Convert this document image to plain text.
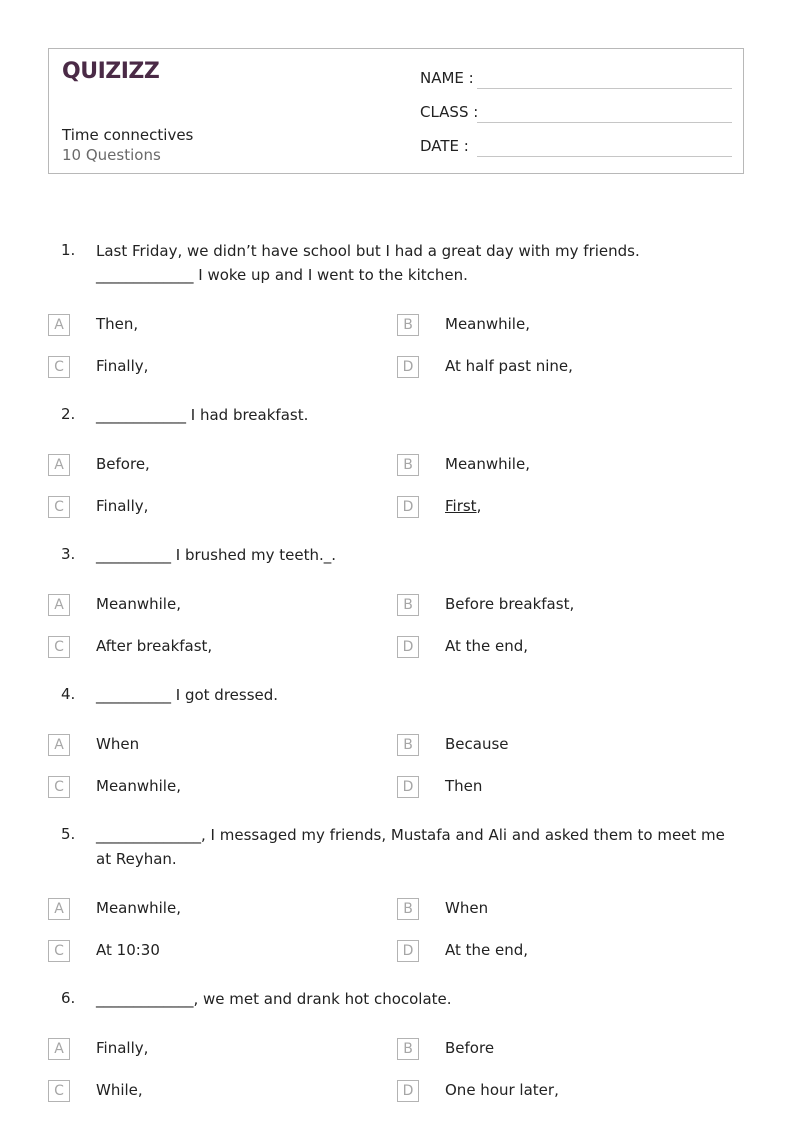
QUIZIZZ
Time connectives
10 Questions
NAME :
CLASS :
DATE :
1. Last Friday, we didn’t have school but I had a great day with my friends. _____________ I woke up and I went to the kitchen.
A	Then,	B	Meanwhile,
C	Finally,	D	At half past nine,
2. ____________ I had breakfast.
A	Before,	B	Meanwhile,
C	Finally,	D	First,
3. __________ I brushed my teeth._.
A	Meanwhile,	B	Before breakfast,
C	After breakfast,	D	At the end,
4. __________ I got dressed.
A	When	B	Because
C	Meanwhile,	D	Then
5. ______________, I messaged my friends, Mustafa and Ali and asked them to meet me at Reyhan.
A	Meanwhile,	B	When
C	At 10:30	D	At the end,
6. _____________, we met and drank hot chocolate.
A	Finally,	B	Before
C	While,	D	One hour later,
